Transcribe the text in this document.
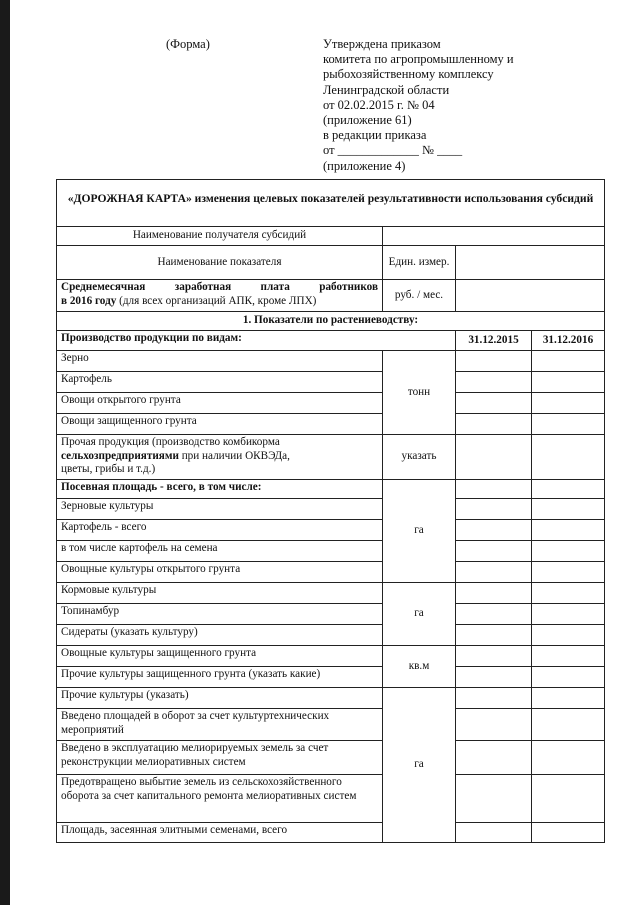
(Форма)	Утверждена приказом
комитета по агропромышленному и
рыбохозяйственному комплексу
Ленинградской области
от 02.02.2015 г. № 04
(приложение 61)
в редакции приказа
от _____________ № ____
(приложение 4)
«ДОРОЖНАЯ КАРТА» изменения целевых показателей результативности использования субсидий			
Наименование получателя субсидий			
Наименование показателя	Един. измер.		

Среднемесячная заработная плата работников
в 2016 году (для всех организаций АПК, кроме ЛПХ)	руб. / мес.		
1. Показатели по растениеводству:			
Производство продукции по видам:		31.12.2015	31.12.2016
Зерно	тонн		
Картофель			
Овощи открытого грунта			
Овощи защищенного грунта			
Прочая продукция (производство комбикорма
сельхозпредприятиями при наличии ОКВЭДа,
цветы, грибы и т.д.)	указать		
Посевная площадь - всего, в том числе:	га		
Зерновые культуры			
Картофель - всего			
в том числе картофель на семена			
Овощные культуры открытого грунта			
Кормовые культуры	га		
Топинамбур			
Сидераты (указать культуру)			
Овощные культуры защищенного грунта	кв.м		
Прочие культуры защищенного грунта (указать какие)			
Прочие культуры (указать)	га		
Введено площадей в оборот за счет культуртехнических мероприятий			
Введено в эксплуатацию мелиорируемых земель за счет реконструкции мелиоративных систем			
Предотвращено выбытие земель из сельскохозяйственного оборота за счет капитального ремонта мелиоративных систем			
Площадь, засеянная элитными семенами, всего			
